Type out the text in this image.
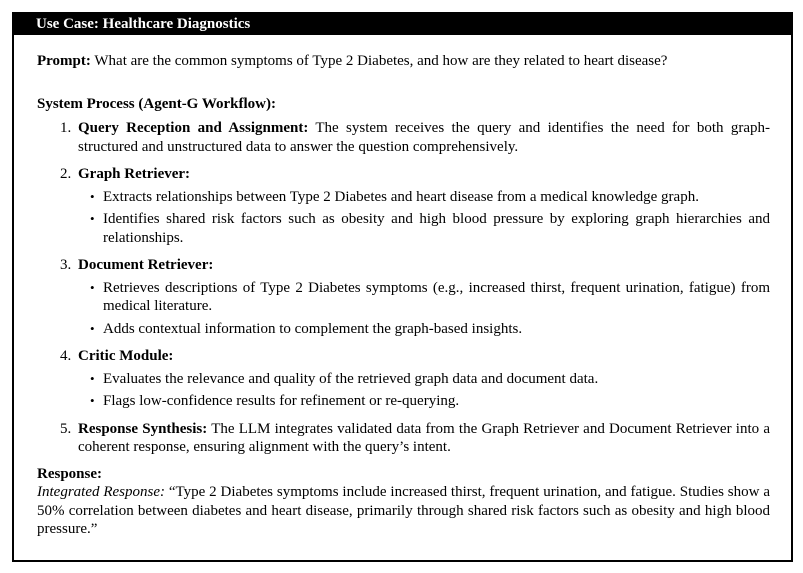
Use Case: Healthcare Diagnostics

Prompt: What are the common symptoms of Type 2 Diabetes, and how are they related to heart disease?

System Process (Agent-G Workflow):

1. Query Reception and Assignment: The system receives the query and identifies the need for both graph-structured and unstructured data to answer the question comprehensively.
2. Graph Retriever:
• Extracts relationships between Type 2 Diabetes and heart disease from a medical knowledge graph.
• Identifies shared risk factors such as obesity and high blood pressure by exploring graph hierarchies and relationships.
3. Document Retriever:
• Retrieves descriptions of Type 2 Diabetes symptoms (e.g., increased thirst, frequent urination, fatigue) from medical literature.
• Adds contextual information to complement the graph-based insights.
4. Critic Module:
• Evaluates the relevance and quality of the retrieved graph data and document data.
• Flags low-confidence results for refinement or re-querying.
5. Response Synthesis: The LLM integrates validated data from the Graph Retriever and Document Retriever into a coherent response, ensuring alignment with the query’s intent.

Response:

Integrated Response: “Type 2 Diabetes symptoms include increased thirst, frequent urination, and fatigue. Studies show a 50% correlation between diabetes and heart disease, primarily through shared risk factors such as obesity and high blood pressure.”
